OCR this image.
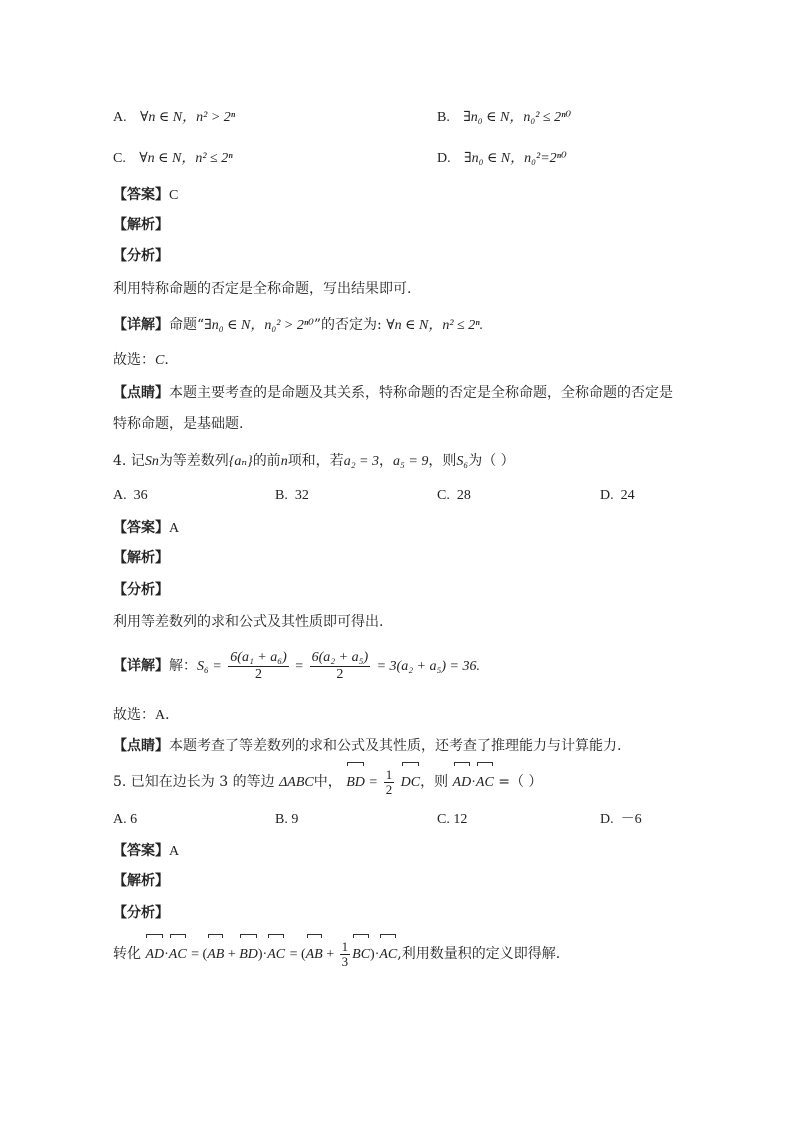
A. ∀n ∈ N，n² > 2ⁿ	B. ∃n₀ ∈ N，n₀² ≤ 2ⁿ⁰
C. ∀n ∈ N，n² ≤ 2ⁿ	D. ∃n₀ ∈ N，n₀²=2ⁿ⁰
【答案】C
【解析】
【分析】
利用特称命题的否定是全称命题，写出结果即可.
【详解】命题“∃n₀ ∈ N，n₀² > 2ⁿ⁰”的否定为: ∀n ∈ N，n² ≤ 2ⁿ.
故选：C.
【点睛】本题主要考查的是命题及其关系，特称命题的否定是全称命题，全称命题的否定是
特称命题，是基础题.
4. 记Sn为等差数列{aₙ}的前n项和，若a₂ = 3，a₅ = 9，则S₆为（ ）
A. 36	B. 32	C. 28	D. 24
【答案】A
【解析】
【分析】
利用等差数列的求和公式及其性质即可得出.
【详解】解：$S_6 = \frac{\text{6(a₁ + a₆)}}{2} = \frac{\text{6(a₂ + a₅)}}{2} = 3(a_2 + a_5) = 36$.
故选：A．
【点睛】本题考查了等差数列的求和公式及其性质，还考查了推理能力与计算能力.
5. 已知在边长为 3 的等边 ΔABC中， BD = $\frac{1}{2}$ DC，则 AD·AC =（ ）
A. 6	B. 9	C. 12	D. －6
【答案】A
【解析】
【分析】
转化 $AD\cdot AC = (AB + BD)\cdot AC = (AB + \frac{1}{3} BC)\cdot AC$,利用数量积的定义即得解.
